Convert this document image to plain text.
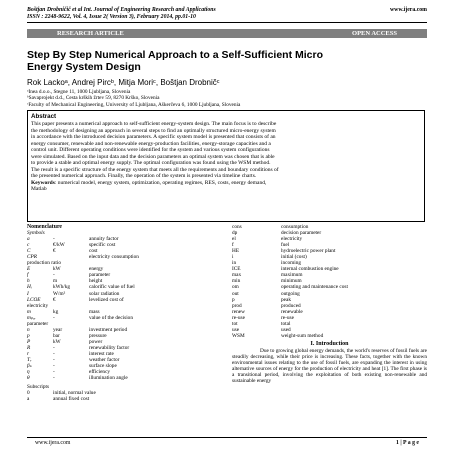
Boštjan Drobničič et al Int. Journal of Engineering Research and Applications	www.ijera.com
ISSN : 2248-9622, Vol. 4, Issue 2( Version 3), February 2014, pp.01-10
RESEARCH ARTICLE	OPEN ACCESS
Step By Step Numerical Approach to a Self-Sufficient Micro
Energy System Design
Rok Lackoᵃ, Andrej Pircᵇ, Mitja Moriᶜ, Boštjan Drobničᶜ
ᵃInea d.o.o., Stegne 11, 1000 Ljubljana, Slovenia
ᵇSavaprojekt d.d., Cesta krških žrtev 59, 8270 Krško, Slovenia
ᶜFaculty of Mechanical Engineering, University of Ljubljana, Aškerčeva 6, 1000 Ljubljana, Slovenia
Abstract
This paper presents a numerical approach to self-sufficient energy-system design. The main focus is to describe
the methodology of designing an approach in several steps to find an optimally structured micro-energy system
in accordance with the introduced decision parameters. A specific system model is presented that consists of an
energy consumer, renewable and non-renewable energy-production facilities, energy-storage capacities and a
control unit. Different operating conditions were identified for the system and various system configurations
were simulated. Based on the input data and the decision parameters an optimal system was chosen that is able
to provide a stable and optimal energy supply. The optimal configuration was found using the WSM method.
The result is a specific structure of the energy system that meets all the requirements and boundary conditions of
the presented numerical approach. Finally, the operation of the system is presented via timeline charts.
Keywords: numerical model, energy system, optimization, operating regimes, RES, costs, energy demand,
Matlab
Nomenclature
Symbols
a	-	annuity factor
c	€/kW	specific cost
C	€	cost
CPR	electricity consumption
production ratio
E	kW	energy
f	-	parameter
h	m	height
Hᵢ	kWh/kg	calorific value of fuel
I	W/m²	solar radiation
LCOE €	levelized cost of
electricity
m	kg	mass
mₚₑᵣ	-	value of the decision
parameter
n	year	investment period
p	bar	pressure
P	kW	power
R	-	renewability factor
r	-	interest rate
Tᵥ	-	weather factor
βₛ	-	surface slope
η	-	efficiency
θ	-	illumination angle
Subscripts
0	initial, normal value
a	annual fixed cost
cons	consumption
dp	decision parameter
el	electricity
f	fuel
HE	hydroelectric power plant
i	initial (cost)
in	incoming
ICE	internal combustion engine
max	maximum
min	minimum
om	operating and maintenance cost
out	outgoing
p	peak
prod	produced
renew	renewable
re-use	re-use
tot	total
use	used
WSM	weight-sum method
I. Introduction
Due to growing global energy demands, the world's reserves of fossil fuels are steadily decreasing, while their price is increasing. These facts, together with the known environmental issues relating to the use of fossil fuels, are expanding the interest in using alternative sources of energy for the production of electricity and heat [1]. The first phase is a transitional period, involving the exploitation of both existing non-renewable and sustainable energy
www.ijera.com	1 | P a g e
